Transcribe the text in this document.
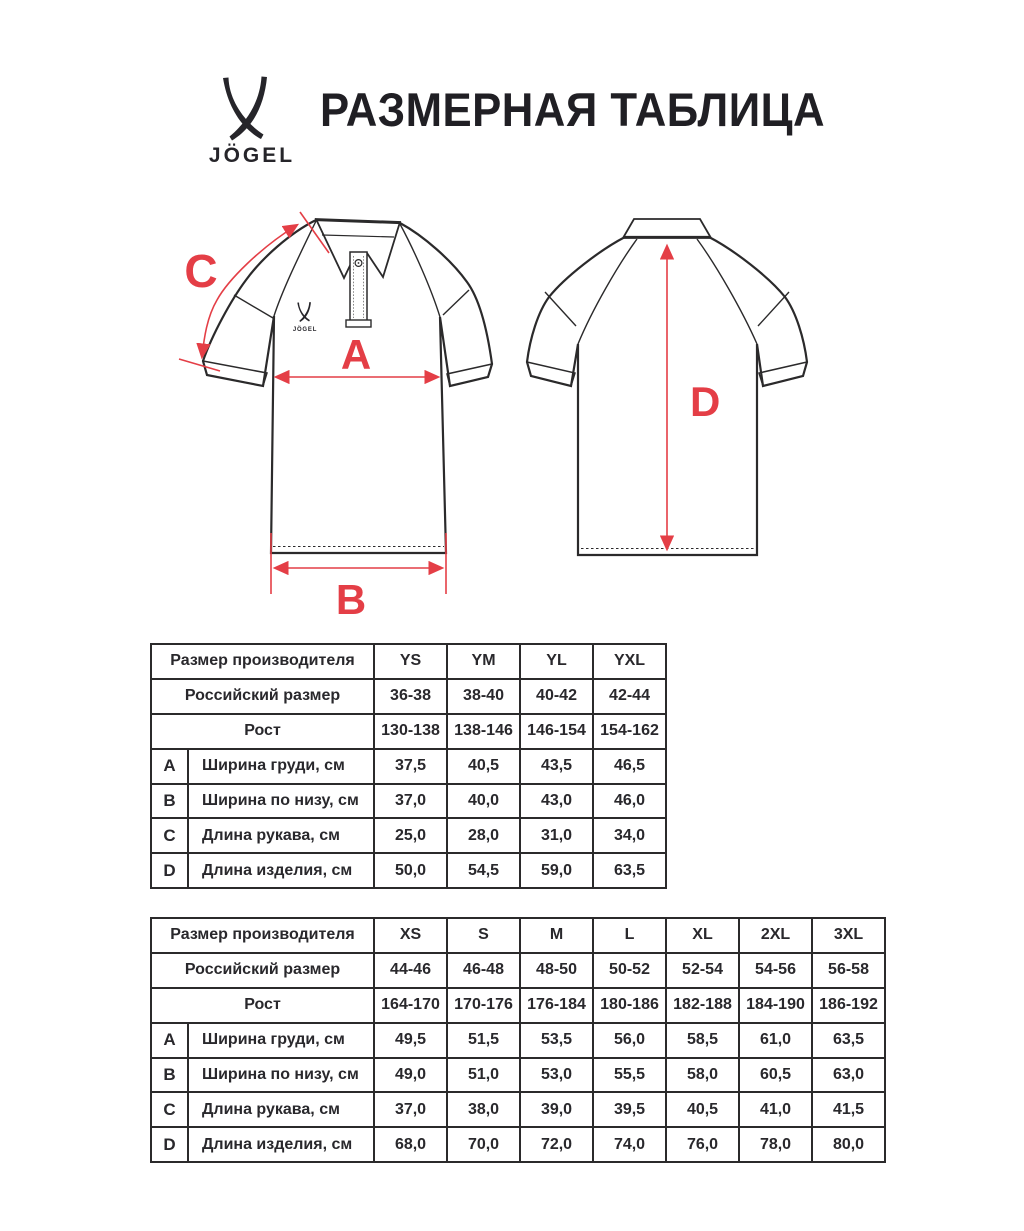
РАЗМЕРНАЯ ТАБЛИЦА
JÖGEL
JÖGEL
A
B
C
D
Размер производителя		YS	YM	YL	YXL
Российский размер		36-38	38-40	40-42	42-44
Рост		130-138	138-146	146-154	154-162
A	Ширина груди, см	37,5	40,5	43,5	46,5
B	Ширина по низу, см	37,0	40,0	43,0	46,0
C	Длина рукава, см	25,0	28,0	31,0	34,0
D	Длина изделия, см	50,0	54,5	59,0	63,5
Размер производителя		XS	S	M	L	XL	2XL	3XL
Российский размер		44-46	46-48	48-50	50-52	52-54	54-56	56-58
Рост		164-170	170-176	176-184	180-186	182-188	184-190	186-192
A	Ширина груди, см	49,5	51,5	53,5	56,0	58,5	61,0	63,5
B	Ширина по низу, см	49,0	51,0	53,0	55,5	58,0	60,5	63,0
C	Длина рукава, см	37,0	38,0	39,0	39,5	40,5	41,0	41,5
D	Длина изделия, см	68,0	70,0	72,0	74,0	76,0	78,0	80,0
